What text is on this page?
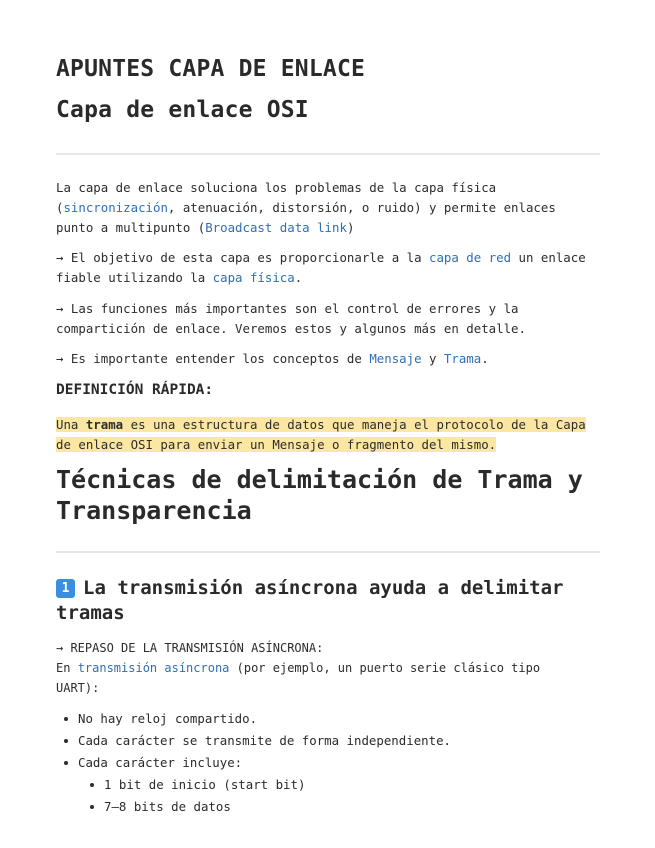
APUNTES CAPA DE ENLACE
Capa de enlace OSI

La capa de enlace soluciona los problemas de la capa física (sincronización, atenuación, distorsión, o ruido) y permite enlaces punto a multipunto (Broadcast data link)

→ El objetivo de esta capa es proporcionarle a la capa de red un enlace fiable utilizando la capa física.

→ Las funciones más importantes son el control de errores y la compartición de enlace. Veremos estos y algunos más en detalle.

→ Es importante entender los conceptos de Mensaje y Trama.

DEFINICIÓN RÁPIDA:

Una trama es una estructura de datos que maneja el protocolo de la Capa de enlace OSI para enviar un Mensaje o fragmento del mismo.

Técnicas de delimitación de Trama y Transparencia
1 La transmisión asíncrona ayuda a delimitar tramas
→ REPASO DE LA TRANSMISIÓN ASÍNCRONA:
En transmisión asíncrona (por ejemplo, un puerto serie clásico tipo
UART):
No hay reloj compartido.
Cada carácter se transmite de forma independiente.
Cada carácter incluye:
1 bit de inicio (start bit)
7–8 bits de datos
